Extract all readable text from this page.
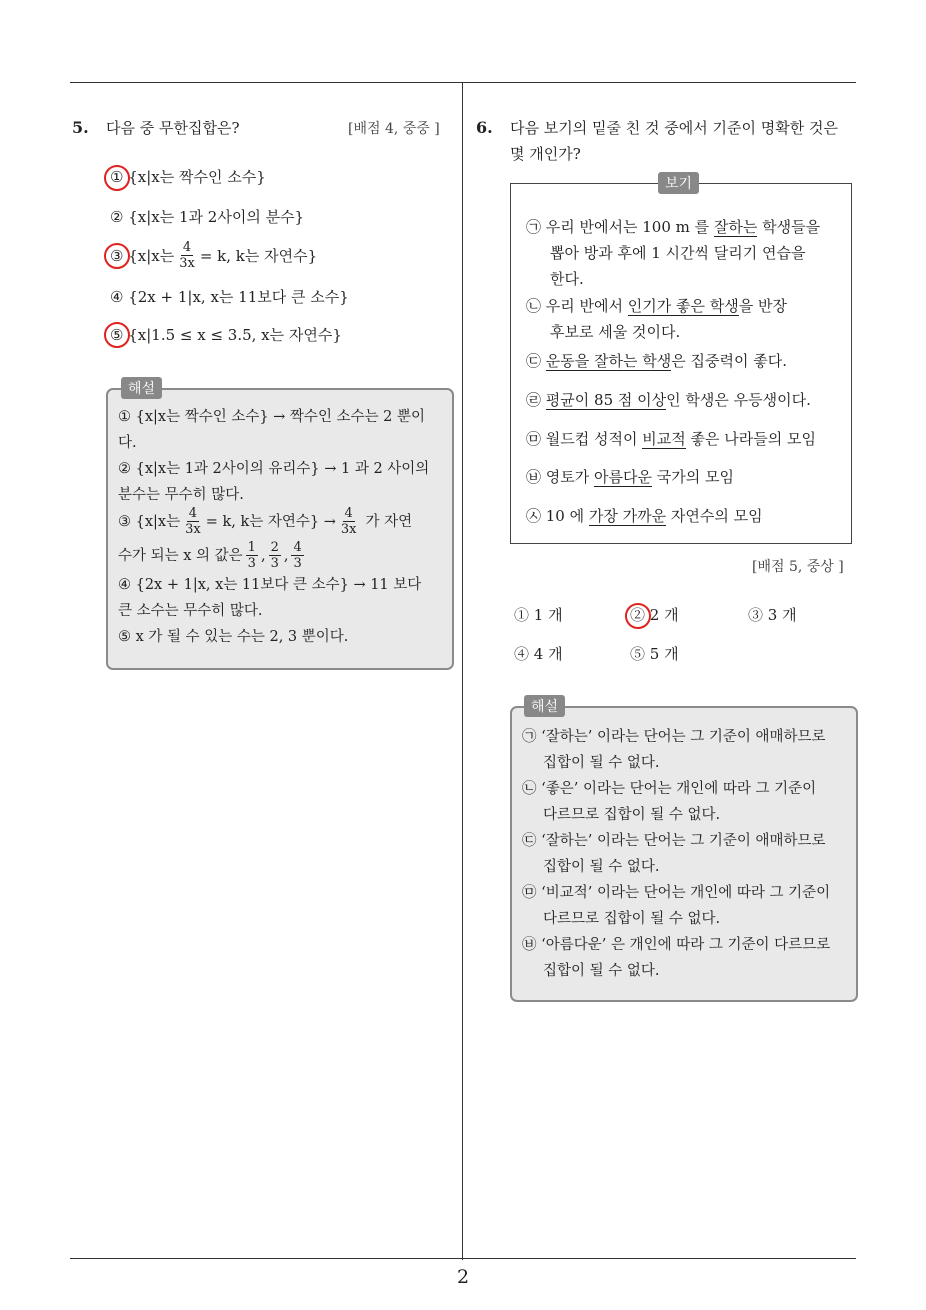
2
5. 다음 중 무한집합은?	[배점 4, 중중 ]
① {x|x는 짝수인 소수}
② {x|x는 1과 2사이의 분수}
③ {x|x는 $\frac{4}{3x} = k$, k는 자연수}
④ {2x + 1|x, x는 11보다 큰 소수}
⑤ {x|1.5 ≤ x ≤ 3.5, x는 자연수}
해설
① {x|x는 짝수인 소수} → 짝수인 소수는 2 뿐이
다.
② {x|x는 1과 2사이의 유리수} → 1 과 2 사이의
분수는 무수히 많다.
③ {x|x는 $\frac{4}{3x} = k$, k는 자연수} → $\frac{4}{3x}$ 가 자연
수가 되는 x 의 값은 $\frac{1}{3}$ , $\frac{2}{3}$ , $\frac{4}{3}$
④ {2x + 1|x, x는 11보다 큰 소수} → 11 보다
큰 소수는 무수히 많다.
⑤ x 가 될 수 있는 수는 2, 3 뿐이다.
6. 다음 보기의 밑줄 친 것 중에서 기준이 명확한 것은
몇 개인가?
보기
㉠ 우리 반에서는 100 m 를 잘하는 학생들을
뽑아 방과 후에 1 시간씩 달리기 연습을
한다.
㉡ 우리 반에서 인기가 좋은 학생을 반장
후보로 세울 것이다.
㉢ 운동을 잘하는 학생은 집중력이 좋다.
㉣ 평균이 85 점 이상인 학생은 우등생이다.
㉤ 월드컵 성적이 비교적 좋은 나라들의 모임
㉥ 영토가 아름다운 국가의 모임
㉦ 10 에 가장 가까운 자연수의 모임
[배점 5, 중상 ]
① 1 개	② 2 개	③ 3 개
④ 4 개	⑤ 5 개
해설
㉠ ‘잘하는’ 이라는 단어는 그 기준이 애매하므로
집합이 될 수 없다.
㉡ ‘좋은’ 이라는 단어는 개인에 따라 그 기준이
다르므로 집합이 될 수 없다.
㉢ ‘잘하는’ 이라는 단어는 그 기준이 애매하므로
집합이 될 수 없다.
㉤ ‘비교적’ 이라는 단어는 개인에 따라 그 기준이
다르므로 집합이 될 수 없다.
㉥ ‘아름다운’ 은 개인에 따라 그 기준이 다르므로
집합이 될 수 없다.
